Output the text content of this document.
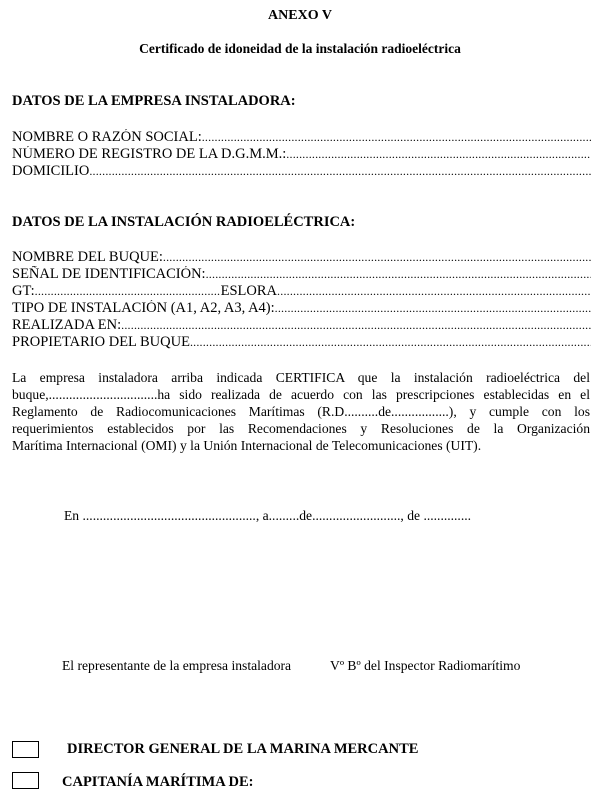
ANEXO V
Certificado de idoneidad de la instalación radioeléctrica
DATOS DE LA EMPRESA INSTALADORA:
NOMBRE O RAZÓN SOCIAL:
.....
NÚMERO DE REGISTRO DE LA D.G.M.M.:
.....
DOMICILIO
.....
DATOS DE LA INSTALACIÓN RADIOELÉCTRICA:
NOMBRE DEL BUQUE:
.....
SEÑAL DE IDENTIFICACIÓN:
.....
GT:
.....	ESLORA
.....
TIPO DE INSTALACIÓN (A1, A2, A3, A4):
.....
REALIZADA EN:
.....
PROPIETARIO DEL BUQUE
.....
La empresa instaladora arriba indicada CERTIFICA que la instalación radioeléctrica del
buque,................................ha sido realizada de acuerdo con las prescripciones establecidas en el
Reglamento de Radiocomunicaciones Marítimas (R.D..........de.................), y cumple con los
requerimientos establecidos por las Recomendaciones y Resoluciones de la Organización
Marítima Internacional (OMI) y la Unión Internacional de Telecomunicaciones (UIT).
En ..................................................., a.........de.........................., de ..............
El representante de la empresa instaladora	Vº Bº del Inspector Radiomarítimo
DIRECTOR GENERAL DE LA MARINA MERCANTE
CAPITANÍA MARÍTIMA DE:
